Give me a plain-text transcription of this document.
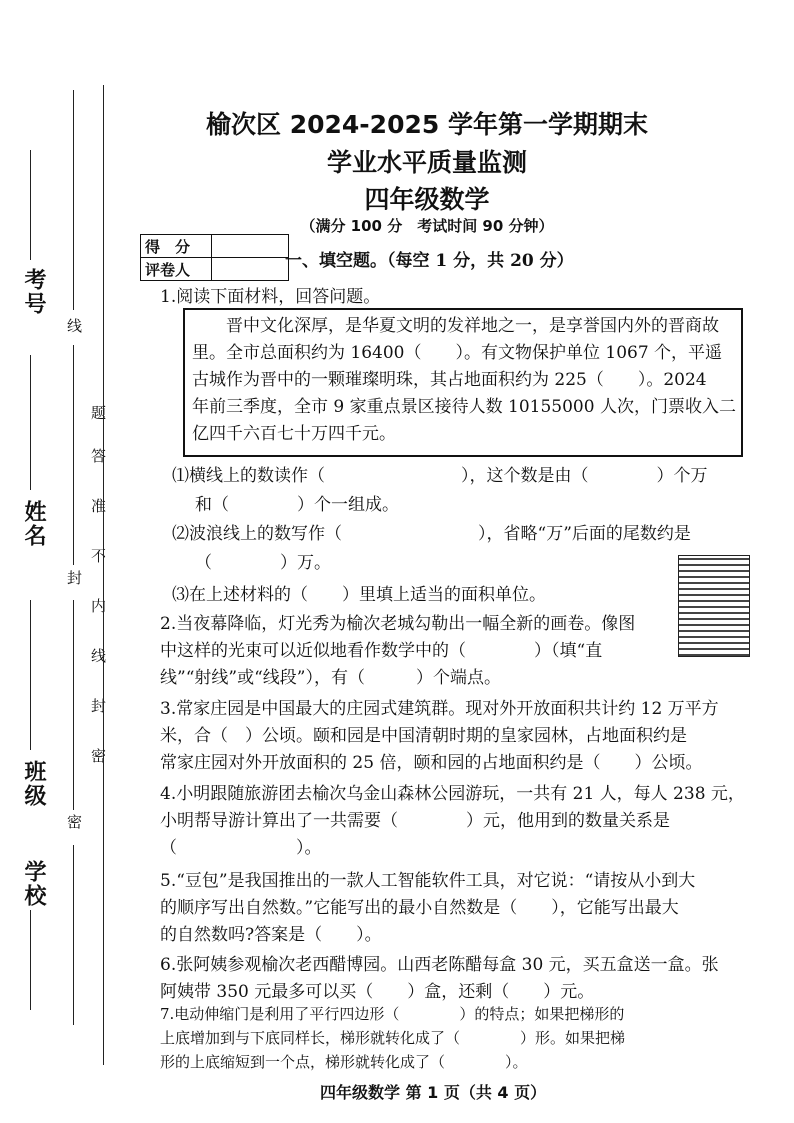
考号
姓名
班级
学校
线
封
密
题
答
准
不
内
线
封
密
榆次区 2024-2025 学年第一学期期末
学业水平质量监测
四年级数学
（满分 100 分　考试时间 90 分钟）
得　分	
评卷人		一、填空题。（每空 1 分，共 20 分）
1.阅读下面材料，回答问题。
　　晋中文化深厚，是华夏文明的发祥地之一，是享誉国内外的晋商故
里。全市总面积约为 16400（　　）。有文物保护单位 1067 个，平遥
古城作为晋中的一颗璀璨明珠，其占地面积约为 225（　　）。2024
年前三季度，全市 9 家重点景区接待人数 10155000 人次，门票收入二
亿四千六百七十万四千元。
⑴横线上的数读作（　　　　　　　　），这个数是由（　　　　）个万
和（　　　　）个一组成。
⑵波浪线上的数写作（　　　　　　　　），省略“万”后面的尾数约是
（　　　　）万。
⑶在上述材料的（　　）里填上适当的面积单位。
2.当夜幕降临，灯光秀为榆次老城勾勒出一幅全新的画卷。像图
中这样的光束可以近似地看作数学中的（　　　　）（填“直
线”“射线”或“线段”），有（　　　）个端点。
3.常家庄园是中国最大的庄园式建筑群。现对外开放面积共计约 12 万平方
米，合（　）公顷。颐和园是中国清朝时期的皇家园林，占地面积约是
常家庄园对外开放面积的 25 倍，颐和园的占地面积约是（　　）公顷。
4.小明跟随旅游团去榆次乌金山森林公园游玩，一共有 21 人，每人 238 元，
小明帮导游计算出了一共需要（　　　　）元，他用到的数量关系是
（　　　　　　　）。
5.“豆包”是我国推出的一款人工智能软件工具，对它说：“请按从小到大
的顺序写出自然数。”它能写出的最小自然数是（　　），它能写出最大
的自然数吗?答案是（　　）。
6.张阿姨参观榆次老西醋博园。山西老陈醋每盒 30 元，买五盒送一盒。张
阿姨带 350 元最多可以买（　　）盒，还剩（　　）元。
7.电动伸缩门是利用了平行四边形（　　　　）的特点；如果把梯形的
上底增加到与下底同样长，梯形就转化成了（　　　　）形。如果把梯
形的上底缩短到一个点，梯形就转化成了（　　　　）。
四年级数学 第 1 页（共 4 页）
